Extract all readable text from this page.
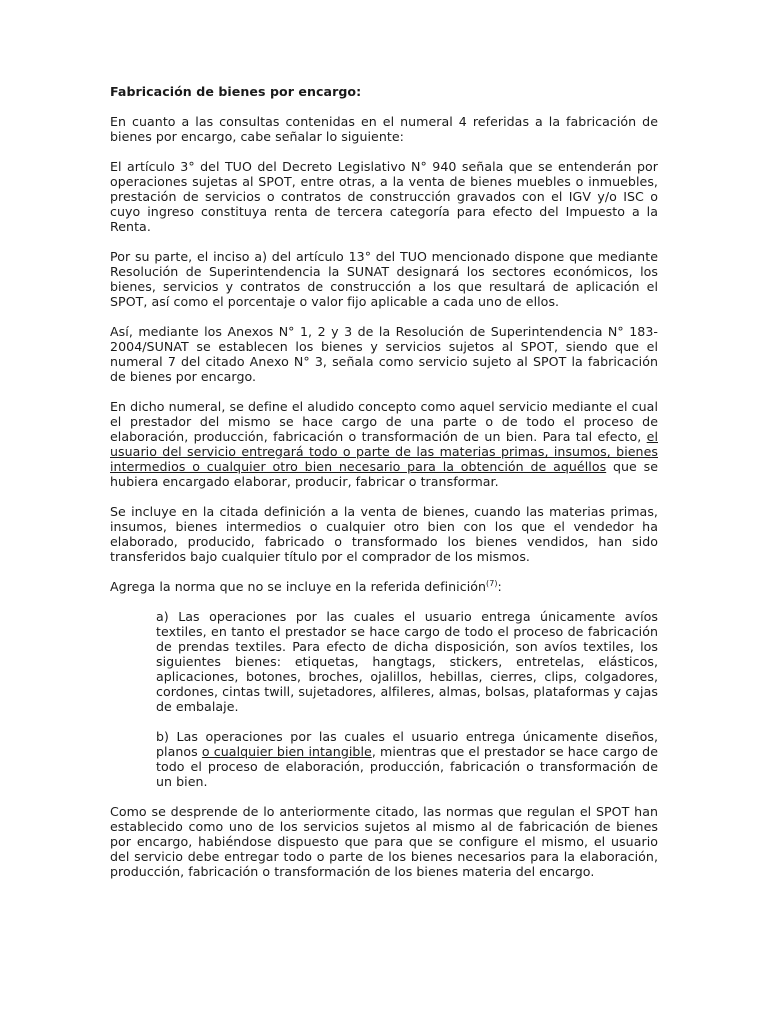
Fabricación de bienes por encargo:

En cuanto a las consultas contenidas en el numeral 4 referidas a la fabricación de bienes por encargo, cabe señalar lo siguiente:

El artículo 3° del TUO del Decreto Legislativo N° 940 señala que se entenderán por operaciones sujetas al SPOT, entre otras, a la venta de bienes muebles o inmuebles, prestación de servicios o contratos de construcción gravados con el IGV y/o ISC o cuyo ingreso constituya renta de tercera categoría para efecto del Impuesto a la Renta.

Por su parte, el inciso a) del artículo 13° del TUO mencionado dispone que mediante Resolución de Superintendencia la SUNAT designará los sectores económicos, los bienes, servicios y contratos de construcción a los que resultará de aplicación el SPOT, así como el porcentaje o valor fijo aplicable a cada uno de ellos.

Así, mediante los Anexos N° 1, 2 y 3 de la Resolución de Superintendencia N° 183-2004/SUNAT se establecen los bienes y servicios sujetos al SPOT, siendo que el numeral 7 del citado Anexo N° 3, señala como servicio sujeto al SPOT la fabricación de bienes por encargo.

En dicho numeral, se define el aludido concepto como aquel servicio mediante el cual el prestador del mismo se hace cargo de una parte o de todo el proceso de elaboración, producción, fabricación o transformación de un bien. Para tal efecto, el usuario del servicio entregará todo o parte de las materias primas, insumos, bienes intermedios o cualquier otro bien necesario para la obtención de aquéllos que se hubiera encargado elaborar, producir, fabricar o transformar.

Se incluye en la citada definición a la venta de bienes, cuando las materias primas, insumos, bienes intermedios o cualquier otro bien con los que el vendedor ha elaborado, producido, fabricado o transformado los bienes vendidos, han sido transferidos bajo cualquier título por el comprador de los mismos.

Agrega la norma que no se incluye en la referida definición$^{(7)}$:

a) Las operaciones por las cuales el usuario entrega únicamente avíos textiles, en tanto el prestador se hace cargo de todo el proceso de fabricación de prendas textiles. Para efecto de dicha disposición, son avíos textiles, los siguientes bienes: etiquetas, hangtags, stickers, entretelas, elásticos, aplicaciones, botones, broches, ojalillos, hebillas, cierres, clips, colgadores, cordones, cintas twill, sujetadores, alfileres, almas, bolsas, plataformas y cajas de embalaje.

b) Las operaciones por las cuales el usuario entrega únicamente diseños, planos o cualquier bien intangible, mientras que el prestador se hace cargo de todo el proceso de elaboración, producción, fabricación o transformación de un bien.

Como se desprende de lo anteriormente citado, las normas que regulan el SPOT han establecido como uno de los servicios sujetos al mismo al de fabricación de bienes por encargo, habiéndose dispuesto que para que se configure el mismo, el usuario del servicio debe entregar todo o parte de los bienes necesarios para la elaboración, producción, fabricación o transformación de los bienes materia del encargo.
